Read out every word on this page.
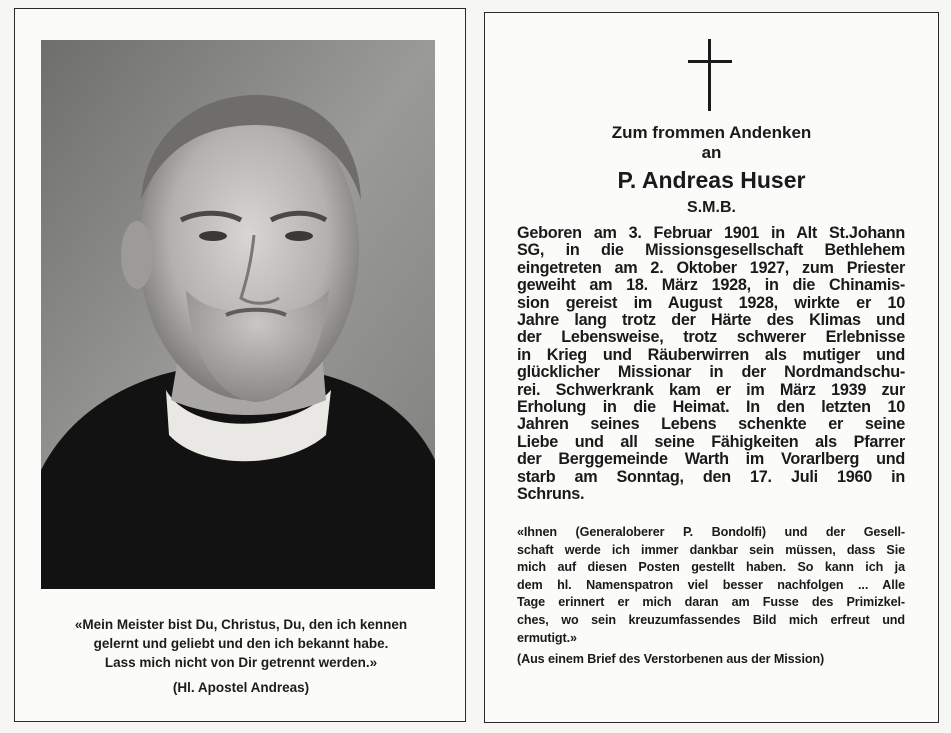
«Mein Meister bist Du, Christus, Du, den ich kennen
gelernt und geliebt und den ich bekannt habe.
Lass mich nicht von Dir getrennt werden.»
(Hl. Apostel Andreas)
Zum frommen Andenken
an
P. Andreas Huser
S.M.B.
Geboren am 3. Februar 1901 in Alt St.Johann
SG, in die Missionsgesellschaft Bethlehem
eingetreten am 2. Oktober 1927, zum Priester
geweiht am 18. März 1928, in die Chinamis-
sion gereist im August 1928, wirkte er 10
Jahre lang trotz der Härte des Klimas und
der Lebensweise, trotz schwerer Erlebnisse
in Krieg und Räuberwirren als mutiger und
glücklicher Missionar in der Nordmandschu-
rei. Schwerkrank kam er im März 1939 zur
Erholung in die Heimat. In den letzten 10
Jahren seines Lebens schenkte er seine
Liebe und all seine Fähigkeiten als Pfarrer
der Berggemeinde Warth im Vorarlberg und
starb am Sonntag, den 17. Juli 1960 in
Schruns.
«Ihnen (Generaloberer P. Bondolfi) und der Gesell-
schaft werde ich immer dankbar sein müssen, dass Sie
mich auf diesen Posten gestellt haben. So kann ich ja
dem hl. Namenspatron viel besser nachfolgen ... Alle
Tage erinnert er mich daran am Fusse des Primizkel-
ches, wo sein kreuzumfassendes Bild mich erfreut und
ermutigt.»
(Aus einem Brief des Verstorbenen aus der Mission)
